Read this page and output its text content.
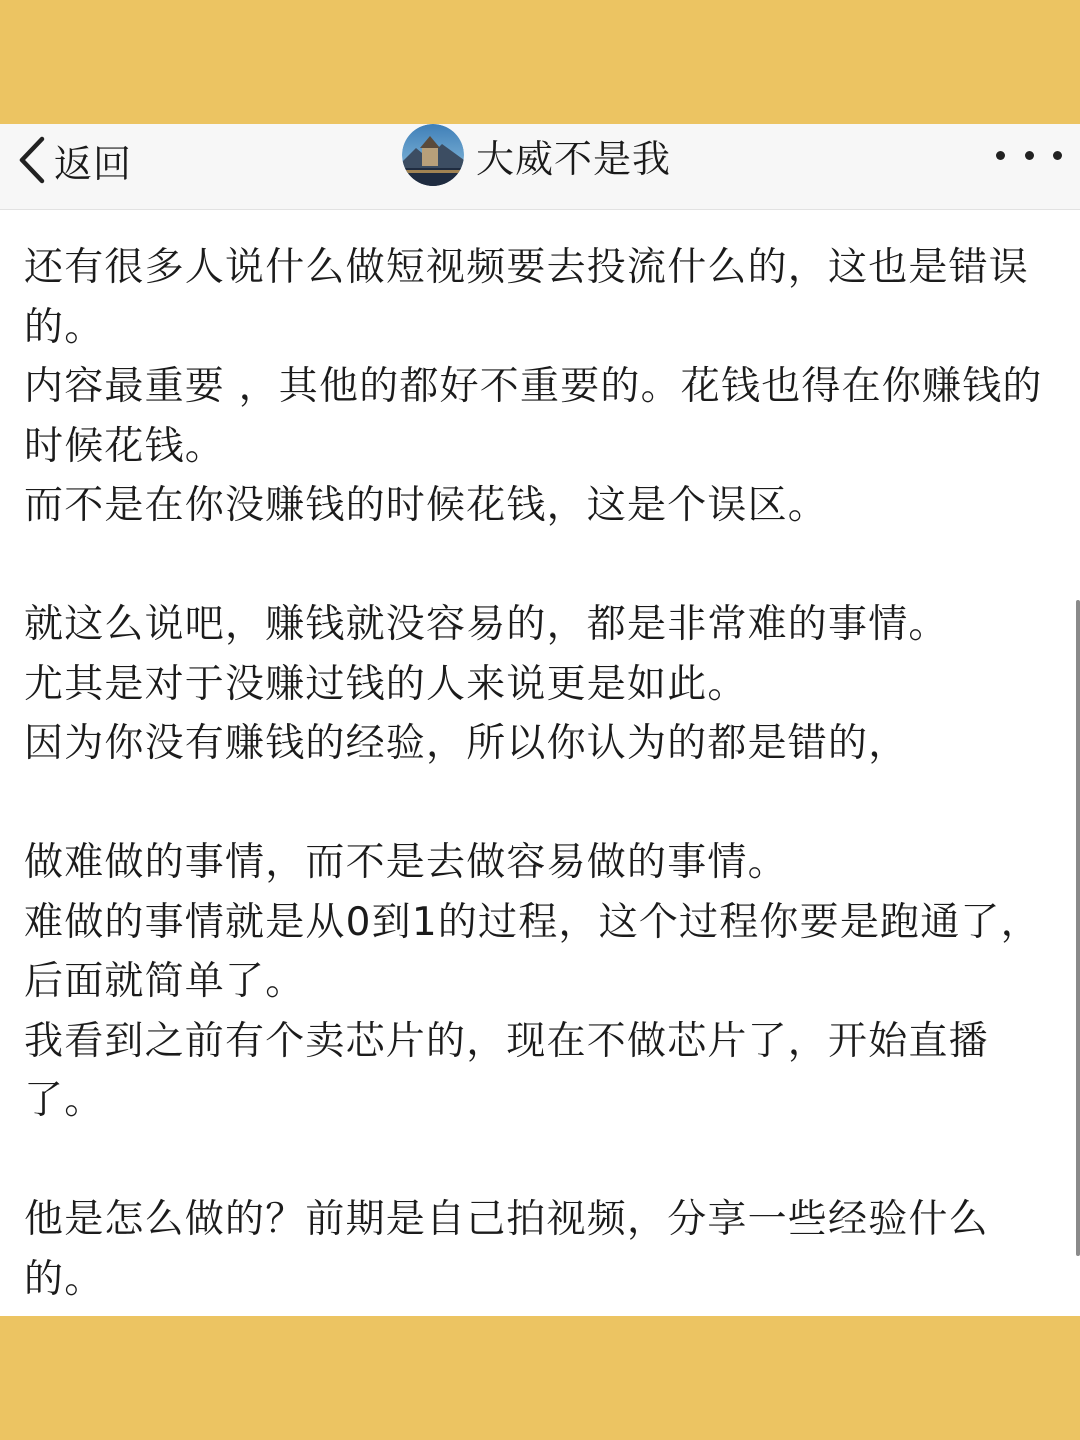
返回	大威不是我

还有很多人说什么做短视频要去投流什么的，这也是错误的。

内容最重要 ，其他的都好不重要的。花钱也得在你赚钱的时候花钱。

而不是在你没赚钱的时候花钱，这是个误区。

就这么说吧，赚钱就没容易的，都是非常难的事情。

尤其是对于没赚过钱的人来说更是如此。

因为你没有赚钱的经验，所以你认为的都是错的，

做难做的事情，而不是去做容易做的事情。

难做的事情就是从0到1的过程，这个过程你要是跑通了，后面就简单了。

我看到之前有个卖芯片的，现在不做芯片了，开始直播了。

他是怎么做的？前期是自己拍视频，分享一些经验什么的。
